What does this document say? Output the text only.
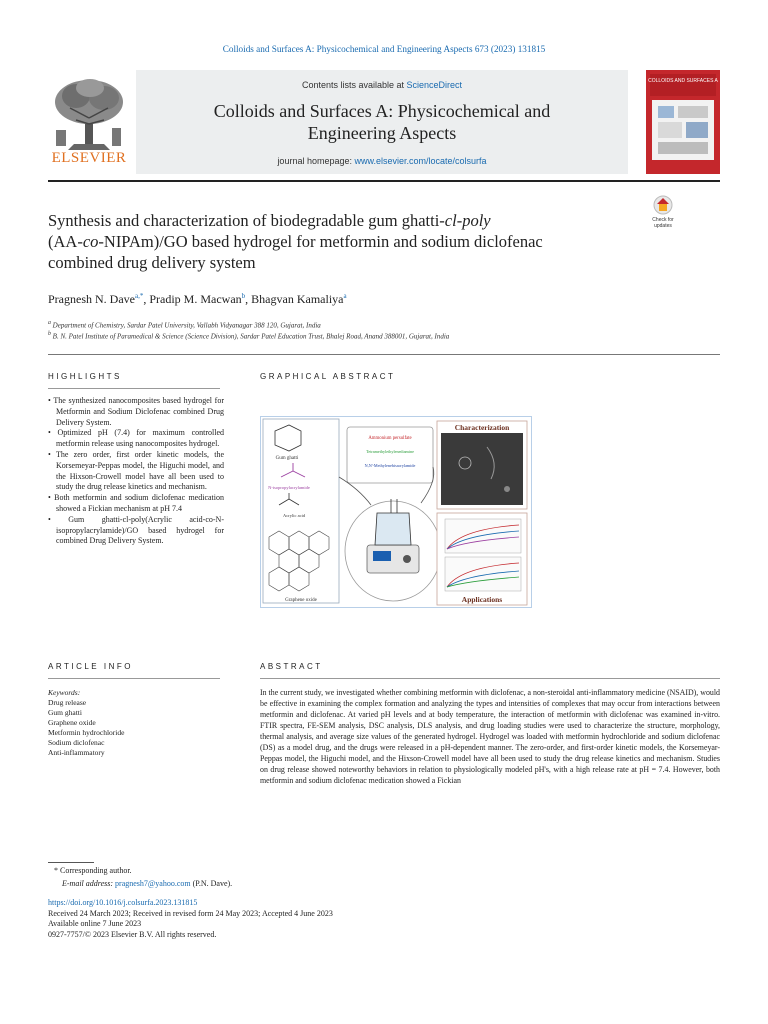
Colloids and Surfaces A: Physicochemical and Engineering Aspects 673 (2023) 131815
ELSEVIER
Contents lists available at ScienceDirect
Colloids and Surfaces A: Physicochemical and
Engineering Aspects
journal homepage: www.elsevier.com/locate/colsurfa
COLLOIDS AND SURFACES A
Check for
updates
Synthesis and characterization of biodegradable gum ghatti-cl-poly
(AA-co-NIPAm)/GO based hydrogel for metformin and sodium diclofenac
combined drug delivery system
Pragnesh N. Dave$^{a,*}$, Pradip M. Macwan$^b$, Bhagvan Kamaliya$^a$
$^a$ Department of Chemistry, Sardar Patel University, Vallabh Vidyanagar 388 120, Gujarat, India
$^b$ B. N. Patel Institute of Paramedical & Science (Science Division), Sardar Patel Education Trust, Bhalej Road, Anand 388001, Gujarat, India
HIGHLIGHTS
• The synthesized nanocomposites based hydrogel for Metformin and Sodium Diclofenac combined Drug Delivery System.
• Optimized pH (7.4) for maximum controlled metformin release using nanocomposites hydrogel.
• The zero order, first order kinetic models, the Korsemeyar-Peppas model, the Higuchi model, and the Hixson-Crowell model have all been used to study the drug release kinetics and mechanism.
• Both metformin and sodium diclofenac medication showed a Fickian mechanism at pH 7.4
• Gum ghatti-cl-poly(Acrylic acid-co-N-isopropylacrylamide)/GO based hydrogel for combined Drug Delivery System.
GRAPHICAL ABSTRACT
Gum ghatti
N-isopropylacrylamide
Acrylic acid
Graphene oxide
Ammonium persulfate
Tetramethylethylenediamine
N,N'-Methylenebisacrylamide
Characterization
Applications
ARTICLE INFO
Keywords:
Drug release
Gum ghatti
Graphene oxide
Metformin hydrochloride
Sodium diclofenac
Anti-inflammatory
ABSTRACT
In the current study, we investigated whether combining metformin with diclofenac, a non-steroidal anti-inflammatory medicine (NSAID), would be effective in examining the complex formation and analyzing the types and intensities of complexes that may occur from interactions between metformin and diclofenac. At varied pH levels and at body temperature, the interaction of metformin with diclofenac was examined in-vitro. FTIR spectra, FE-SEM analysis, DSC analysis, DLS analysis, and drug loading studies were used to characterize the structure, morphology, thermal analysis, and average size values of the generated hydrogel. Hydrogel was loaded with metformin hydrochloride and sodium diclofenac (DS) as a model drug, and the drugs were released in a pH-dependent manner. The zero-order, and first-order kinetic models, the Korsemeyar-Peppas model, the Higuchi model, and the Hixson-Crowell model have all been used to study the drug release kinetics and mechanism. Studies on drug release showed noteworthy behaviors in relation to physiologically modeled pH's, with a high release rate at pH = 7.4. However, both metformin and sodium diclofenac medication showed a Fickian
* Corresponding author.
E-mail address: pragnesh7@yahoo.com (P.N. Dave).
https://doi.org/10.1016/j.colsurfa.2023.131815
Received 24 March 2023; Received in revised form 24 May 2023; Accepted 4 June 2023
Available online 7 June 2023
0927-7757/© 2023 Elsevier B.V. All rights reserved.
